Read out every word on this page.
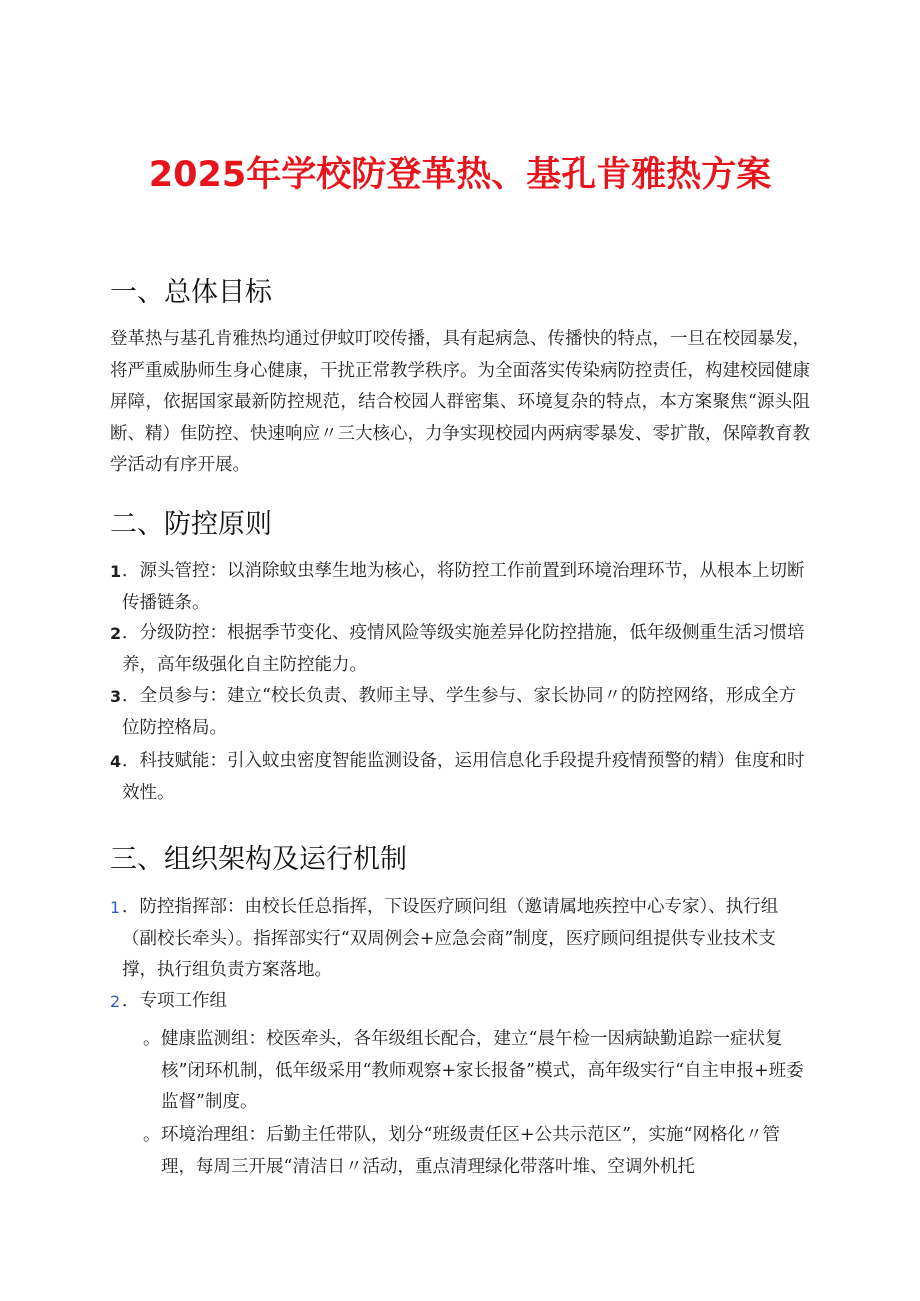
2025年学校防登革热、基孔肯雅热方案
一、总体目标

登革热与基孔肯雅热均通过伊蚊叮咬传播，具有起病急、传播快的特点，一旦在校园暴发，将严重威胁师生身心健康，干扰正常教学秩序。为全面落实传染病防控责任，构建校园健康屏障，依据国家最新防控规范，结合校园人群密集、环境复杂的特点，本方案聚焦“源头阻断、精）隹防控、快速响应〃三大核心，力争实现校园内两病零暴发、零扩散，保障教育教学活动有序开展。

二、防控原则
1 ．源头管控：以消除蚊虫孳生地为核心，将防控工作前置到环境治理环节，从根本上切断传播链条。
2 ．分级防控：根据季节变化、疫情风险等级实施差异化防控措施，低年级侧重生活习惯培养，高年级强化自主防控能力。
3 ．全员参与：建立“校长负责、教师主导、学生参与、家长协同〃的防控网络，形成全方位防控格局。
4 ．科技赋能：引入蚊虫密度智能监测设备，运用信息化手段提升疫情预警的精）隹度和时效性。
三、组织架构及运行机制
1 ．防控指挥部：由校长任总指挥，下设医疗顾问组（邀请属地疾控中心专家）、执行组（副校长牵头）。指挥部实行“双周例会+应急会商”制度，医疗顾问组提供专业技术支撑，执行组负责方案落地。
2 ．专项工作组
。 健康监测组：校医牵头，各年级组长配合，建立“晨午检一因病缺勤追踪一症状复核”闭环机制，低年级采用“教师观察+家长报备”模式，高年级实行“自主申报+班委监督”制度。
。 环境治理组：后勤主任带队，划分“班级责任区+公共示范区”，实施“网格化〃管理，每周三开展“清洁日〃活动，重点清理绿化带落叶堆、空调外机托
